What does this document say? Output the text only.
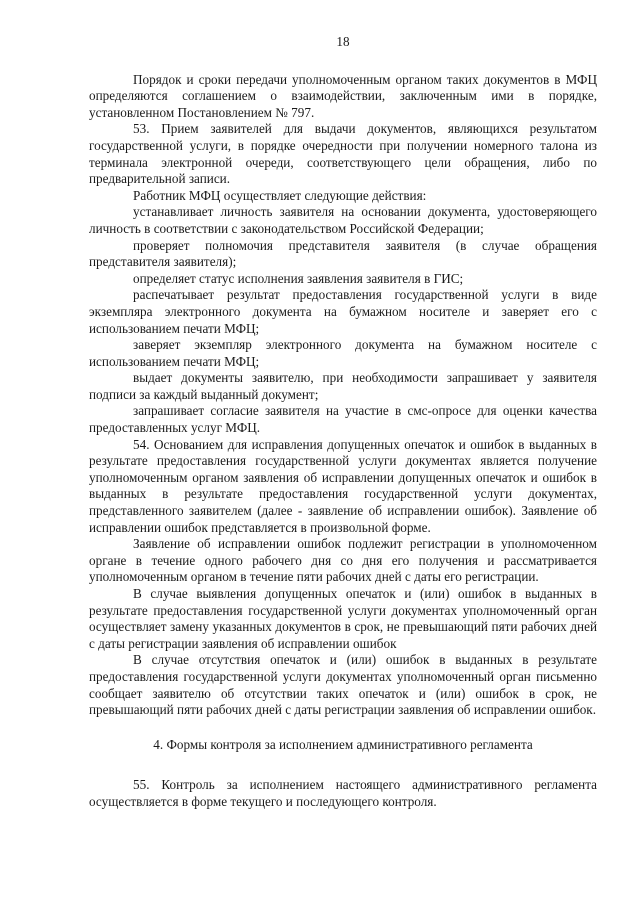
18

Порядок и сроки передачи уполномоченным органом таких документов в МФЦ определяются соглашением о взаимодействии, заключенным ими в порядке, установленном Постановлением № 797.

53. Прием заявителей для выдачи документов, являющихся результатом государственной услуги, в порядке очередности при получении номерного талона из терминала электронной очереди, соответствующего цели обращения, либо по предварительной записи.

Работник МФЦ осуществляет следующие действия:

устанавливает личность заявителя на основании документа, удостоверяющего личность в соответствии с законодательством Российской Федерации;

проверяет полномочия представителя заявителя (в случае обращения представителя заявителя);

определяет статус исполнения заявления заявителя в ГИС;

распечатывает результат предоставления государственной услуги в виде экземпляра электронного документа на бумажном носителе и заверяет его с использованием печати МФЦ;

заверяет экземпляр электронного документа на бумажном носителе с использованием печати МФЦ;

выдает документы заявителю, при необходимости запрашивает у заявителя подписи за каждый выданный документ;

запрашивает согласие заявителя на участие в смс-опросе для оценки качества предоставленных услуг МФЦ.

54. Основанием для исправления допущенных опечаток и ошибок в выданных в результате предоставления государственной услуги документах является получение уполномоченным органом заявления об исправлении допущенных опечаток и ошибок в выданных в результате предоставления государственной услуги документах, представленного заявителем (далее - заявление об исправлении ошибок). Заявление об исправлении ошибок представляется в произвольной форме.

Заявление об исправлении ошибок подлежит регистрации в уполномоченном органе в течение одного рабочего дня со дня его получения и рассматривается уполномоченным органом в течение пяти рабочих дней с даты его регистрации.

В случае выявления допущенных опечаток и (или) ошибок в выданных в результате предоставления государственной услуги документах уполномоченный орган осуществляет замену указанных документов в срок, не превышающий пяти рабочих дней с даты регистрации заявления об исправлении ошибок

В случае отсутствия опечаток и (или) ошибок в выданных в результате предоставления государственной услуги документах уполномоченный орган письменно сообщает заявителю об отсутствии таких опечаток и (или) ошибок в срок, не превышающий пяти рабочих дней с даты регистрации заявления об исправлении ошибок.

4. Формы контроля за исполнением административного регламента

55. Контроль за исполнением настоящего административного регламента осуществляется в форме текущего и последующего контроля.
